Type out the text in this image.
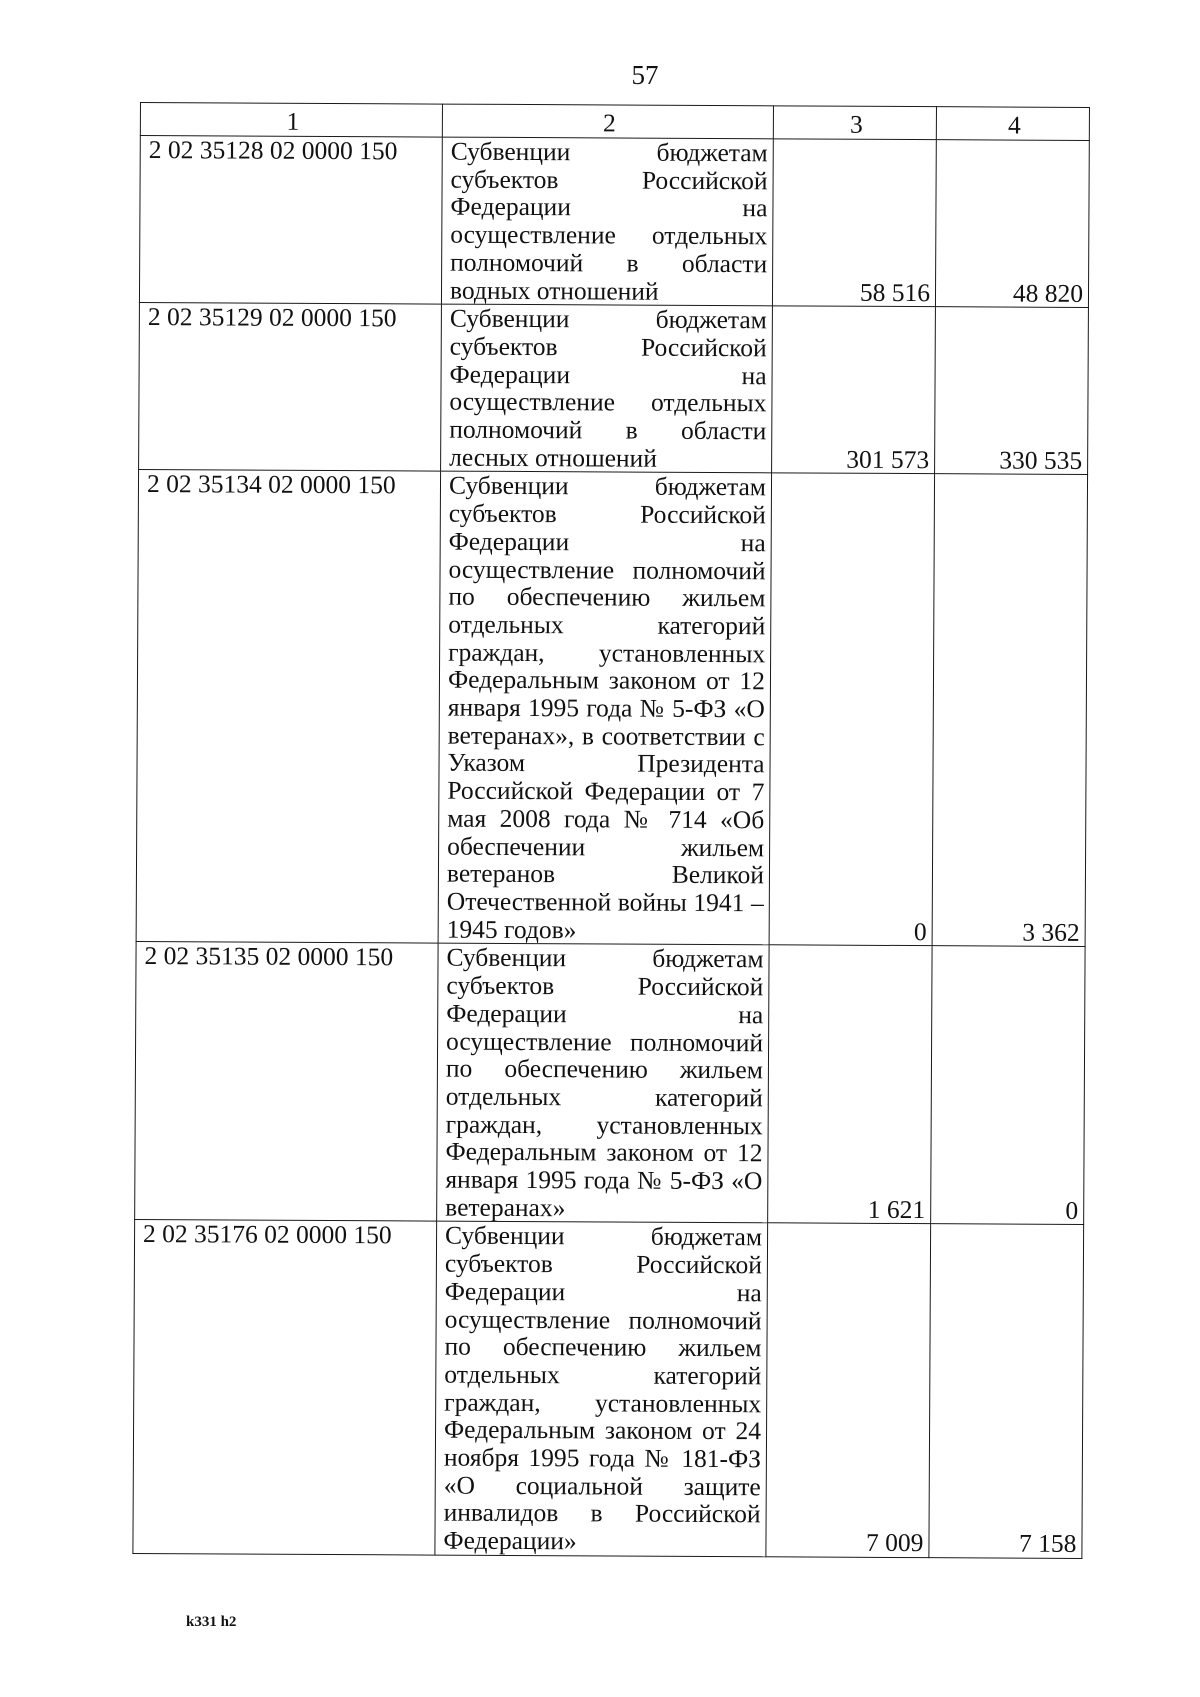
57
1	2	3	4
2 02 35128 02 0000 150	Субвенции бюджетам субъектов Российской Федерации на осуществление отдельных полномочий в области водных отношений	58 516	48 820
2 02 35129 02 0000 150	Субвенции бюджетам субъектов Российской Федерации на осуществление отдельных полномочий в области лесных отношений	301 573	330 535
2 02 35134 02 0000 150	Субвенции бюджетам субъектов Российской Федерации на осуществление полномочий по обеспечению жильем отдельных категорий граждан, установленных Федеральным законом от 12 января 1995 года № 5-ФЗ «О ветеранах», в соответствии с Указом Президента Российской Федерации от 7 мая 2008 года № 714 «Об обеспечении жильем ветеранов Великой Отечественной войны 1941 – 1945 годов»	0	3 362
2 02 35135 02 0000 150	Субвенции бюджетам субъектов Российской Федерации на осуществление полномочий по обеспечению жильем отдельных категорий граждан, установленных Федеральным законом от 12 января 1995 года № 5-ФЗ «О ветеранах»	1 621	0
2 02 35176 02 0000 150	Субвенции бюджетам субъектов Российской Федерации на осуществление полномочий по обеспечению жильем отдельных категорий граждан, установленных Федеральным законом от 24 ноября 1995 года № 181-ФЗ «О социальной защите инвалидов в Российской Федерации»	7 009	7 158
k331 h2
